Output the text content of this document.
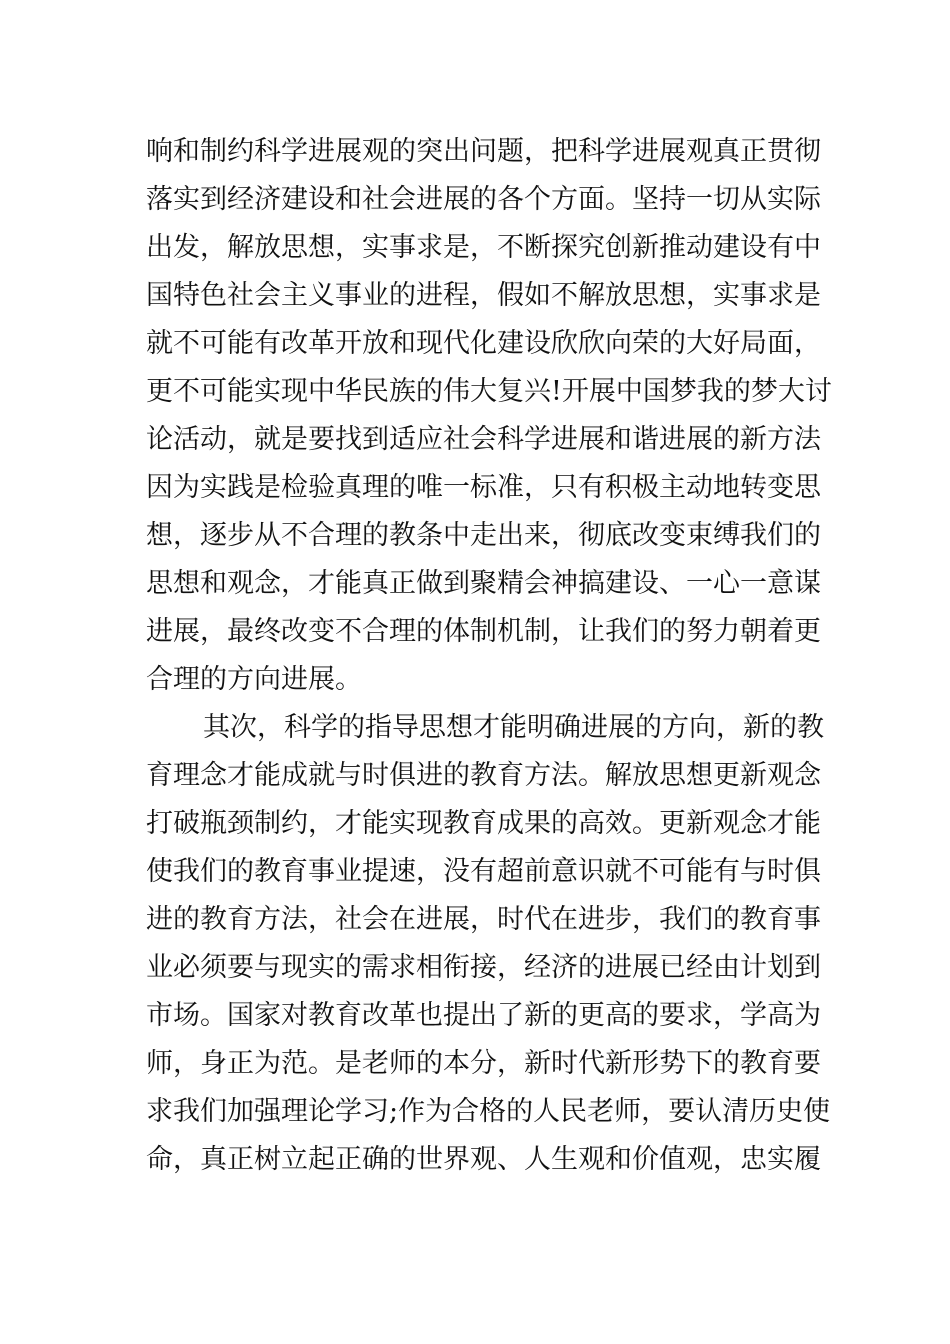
响和制约科学进展观的突出问题，把科学进展观真正贯彻
落实到经济建设和社会进展的各个方面。坚持一切从实际
出发，解放思想，实事求是，不断探究创新推动建设有中
国特色社会主义事业的进程，假如不解放思想，实事求是
就不可能有改革开放和现代化建设欣欣向荣的大好局面，
更不可能实现中华民族的伟大复兴!开展中国梦我的梦大讨
论活动，就是要找到适应社会科学进展和谐进展的新方法
因为实践是检验真理的唯一标准，只有积极主动地转变思
想，逐步从不合理的教条中走出来，彻底改变束缚我们的
思想和观念，才能真正做到聚精会神搞建设、一心一意谋
进展，最终改变不合理的体制机制，让我们的努力朝着更
合理的方向进展。
其次，科学的指导思想才能明确进展的方向，新的教
育理念才能成就与时俱进的教育方法。解放思想更新观念
打破瓶颈制约，才能实现教育成果的高效。更新观念才能
使我们的教育事业提速，没有超前意识就不可能有与时俱
进的教育方法，社会在进展，时代在进步，我们的教育事
业必须要与现实的需求相衔接，经济的进展已经由计划到
市场。国家对教育改革也提出了新的更高的要求，学高为
师，身正为范。是老师的本分，新时代新形势下的教育要
求我们加强理论学习;作为合格的人民老师，要认清历史使
命，真正树立起正确的世界观、人生观和价值观，忠实履
